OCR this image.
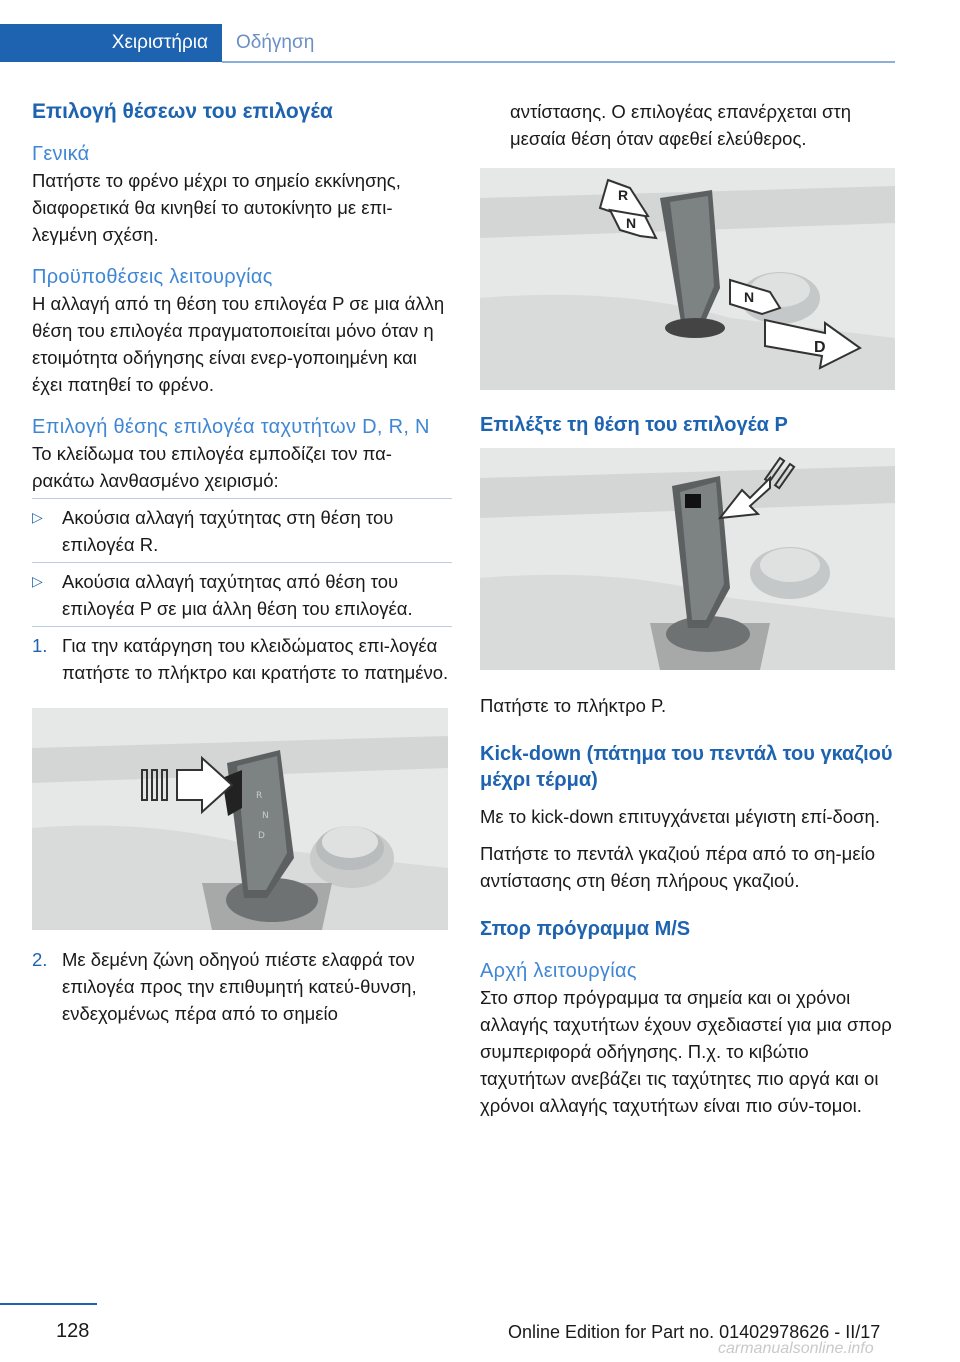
Χειριστήρια	Οδήγηση
Επιλογή θέσεων του επιλογέα
Γενικά

Πατήστε το φρένο μέχρι το σημείο εκκίνησης, διαφορετικά θα κινηθεί το αυτοκίνητο με επι-λεγμένη σχέση.

Προϋποθέσεις λειτουργίας

Η αλλαγή από τη θέση του επιλογέα P σε μια άλλη θέση του επιλογέα πραγματοποιείται μόνο όταν η ετοιμότητα οδήγησης είναι ενερ-γοποιημένη και έχει πατηθεί το φρένο.

Επιλογή θέσης επιλογέα ταχυτήτων D, R, N

Το κλείδωμα του επιλογέα εμποδίζει τον πα-ρακάτω λανθασμένο χειρισμό:

▷ Ακούσια αλλαγή ταχύτητας στη θέση του επιλογέα R.
▷ Ακούσια αλλαγή ταχύτητας από θέση του επιλογέα P σε μια άλλη θέση του επιλογέα.
1. Για την κατάργηση του κλειδώματος επι-λογέα πατήστε το πλήκτρο και κρατήστε το πατημένο.
R
N
D
2. Με δεμένη ζώνη οδηγού πιέστε ελαφρά τον επιλογέα προς την επιθυμητή κατεύ-θυνση, ενδεχομένως πέρα από το σημείο
αντίστασης. Ο επιλογέας επανέρχεται στη μεσαία θέση όταν αφεθεί ελεύθερος.
R
N
N
D
Επιλέξτε τη θέση του επιλογέα P

Πατήστε το πλήκτρο P.

Kick-down (πάτημα του πεντάλ του γκαζιού μέχρι τέρμα)

Με το kick-down επιτυγχάνεται μέγιστη επί-δοση.

Πατήστε το πεντάλ γκαζιού πέρα από το ση-μείο αντίστασης στη θέση πλήρους γκαζιού.

Σπορ πρόγραμμα M/S
Αρχή λειτουργίας

Στο σπορ πρόγραμμα τα σημεία και οι χρόνοι αλλαγής ταχυτήτων έχουν σχεδιαστεί για μια σπορ συμπεριφορά οδήγησης. Π.χ. το κιβώτιο ταχυτήτων ανεβάζει τις ταχύτητες πιο αργά και οι χρόνοι αλλαγής ταχυτήτων είναι πιο σύν-τομοι.

128	Online Edition for Part no. 01402978626 - II/17
carmanualsonline.info
